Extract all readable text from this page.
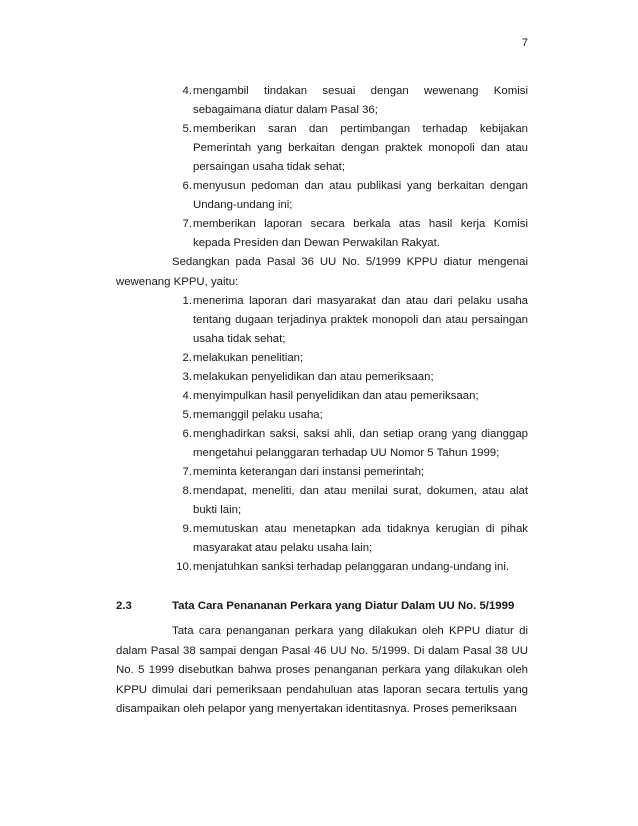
7
4. mengambil tindakan sesuai dengan wewenang Komisi sebagaimana diatur dalam Pasal 36;
5. memberikan saran dan pertimbangan terhadap kebijakan Pemerintah yang berkaitan dengan praktek monopoli dan atau persaingan usaha tidak sehat;
6. menyusun pedoman dan atau publikasi yang berkaitan dengan Undang-undang ini;
7. memberikan laporan secara berkala atas hasil kerja Komisi kepada Presiden dan Dewan Perwakilan Rakyat.

Sedangkan pada Pasal 36 UU No. 5/1999 KPPU diatur mengenai wewenang KPPU, yaitu:

1. menerima laporan dari masyarakat dan atau dari pelaku usaha tentang dugaan terjadinya praktek monopoli dan atau persaingan usaha tidak sehat;
2. melakukan penelitian;
3. melakukan penyelidikan dan atau pemeriksaan;
4. menyimpulkan hasil penyelidikan dan atau pemeriksaan;
5. memanggil pelaku usaha;
6. menghadirkan saksi, saksi ahli, dan setiap orang yang dianggap mengetahui pelanggaran terhadap UU Nomor 5 Tahun 1999;
7. meminta keterangan dari instansi pemerintah;
8. mendapat, meneliti, dan atau menilai surat, dokumen, atau alat bukti lain;
9. memutuskan atau menetapkan ada tidaknya kerugian di pihak masyarakat atau pelaku usaha lain;
10. menjatuhkan sanksi terhadap pelanggaran undang-undang ini.
2.3	Tata Cara Penananan Perkara yang Diatur Dalam UU No. 5/1999

Tata cara penanganan perkara yang dilakukan oleh KPPU diatur di dalam Pasal 38 sampai dengan Pasal 46 UU No. 5/1999. Di dalam Pasal 38 UU No. 5 1999 disebutkan bahwa proses penanganan perkara yang dilakukan oleh KPPU dimulai dari pemeriksaan pendahuluan atas laporan secara tertulis yang disampaikan oleh pelapor yang menyertakan identitasnya. Proses pemeriksaan
